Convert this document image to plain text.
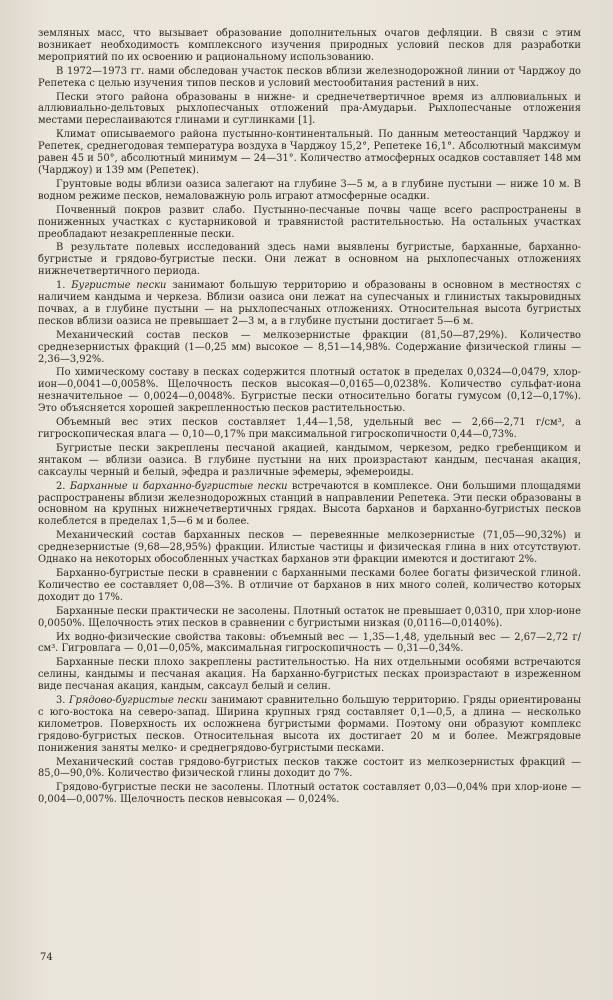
земляных масс, что вызывает образование дополнительных очагов дефляции. В связи с этим возникает необходимость комплексного изучения природных условий песков для разработки мероприятий по их освоению и рациональному использованию.

В 1972—1973 гг. нами обследован участок песков вблизи железнодорожной линии от Чарджоу до Репетека с целью изучения типов песков и условий местообитания растений в них.

Пески этого района образованы в нижне- и среднечетвертичное время из аллювиальных и аллювиально-дельтовых рыхлопесчаных отложений пра-Амударьи. Рыхлопесчаные отложения местами переслаиваются глинами и суглинками [1].

Климат описываемого района пустынно-континентальный. По данным метеостанций Чарджоу и Репетек, среднегодовая температура воздуха в Чарджоу 15,2°, Репетеке 16,1°. Абсолютный максимум равен 45 и 50°, абсолютный минимум — 24—31°. Количество атмосферных осадков составляет 148 мм (Чарджоу) и 139 мм (Репетек).

Грунтовые воды вблизи оазиса залегают на глубине 3—5 м, а в глубине пустыни — ниже 10 м. В водном режиме песков, немаловажную роль играют атмосферные осадки.

Почвенный покров развит слабо. Пустынно-песчаные почвы чаще всего распространены в пониженных участках с кустарниковой и травянистой растительностью. На остальных участках преобладают незакрепленные пески.

В результате полевых исследований здесь нами выявлены бугристые, барханные, барханно-бугристые и грядово-бугристые пески. Они лежат в основном на рыхлопесчаных отложениях нижнечетвертичного периода.

1. Бугристые пески занимают большую территорию и образованы в основном в местностях с наличием кандыма и черкеза. Вблизи оазиса они лежат на супесчаных и глинистых такыровидных почвах, а в глубине пустыни — на рыхлопесчаных отложениях. Относительная высота бугристых песков вблизи оазиса не превышает 2—3 м, а в глубине пустыни достигает 5—6 м.

Механический состав песков — мелкозернистые фракции (81,50—87,29%). Количество среднезернистых фракций (1—0,25 мм) высокое — 8,51—14,98%. Содержание физической глины — 2,36—3,92%.

По химическому составу в песках содержится плотный остаток в пределах 0,0324—0,0479, хлор-ион—0,0041—0,0058%. Щелочность песков высокая—0,0165—0,0238%. Количество сульфат-иона незначительное — 0,0024—0,0048%. Бугристые пески относительно богаты гумусом (0,12—0,17%). Это объясняется хорошей закрепленностью песков растительностью.

Объемный вес этих песков составляет 1,44—1,58, удельный вес — 2,66—2,71 г/см³, а гигроскопическая влага — 0,10—0,17% при максимальной гигроскопичности 0,44—0,73%.

Бугристые пески закреплены песчаной акацией, кандымом, черкезом, редко гребенщиком и янтаком — вблизи оазиса. В глубине пустыни на них произрастают кандым, песчаная акация, саксаулы черный и белый, эфедра и различные эфемеры, эфемероиды.

2. Барханные и барханно-бугристые пески встречаются в комплексе. Они большими площадями распространены вблизи железнодорожных станций в направлении Репетека. Эти пески образованы в основном на крупных нижнечетвертичных грядах. Высота барханов и барханно-бугристых песков колеблется в пределах 1,5—6 м и более.

Механический состав барханных песков — перевеянные мелкозернистые (71,05—90,32%) и среднезернистые (9,68—28,95%) фракции. Илистые частицы и физическая глина в них отсутствуют. Однако на некоторых обособленных участках барханов эти фракции имеются и достигают 2%.

Барханно-бугристые пески в сравнении с барханными песками более богаты физической глиной. Количество ее составляет 0,08—3%. В отличие от барханов в них много солей, количество которых доходит до 17%.

Барханные пески практически не засолены. Плотный остаток не превышает 0,0310, при хлор-ионе 0,0050%. Щелочность этих песков в сравнении с бугристыми низкая (0,0116—0,0140%).

Их водно-физические свойства таковы: объемный вес — 1,35—1,48, удельный вес — 2,67—2,72 г/см³. Гигровлага — 0,01—0,05%, максимальная гигроскопичность — 0,31—0,34%.

Барханные пески плохо закреплены растительностью. На них отдельными особями встречаются селины, кандымы и песчаная акация. На барханно-бугристых песках произрастают в изреженном виде песчаная акация, кандым, саксаул белый и селин.

3. Грядово-бугристые пески занимают сравнительно большую территорию. Гряды ориентированы с юго-востока на северо-запад. Ширина крупных гряд составляет 0,1—0,5, а длина — несколько километров. Поверхность их осложнена бугристыми формами. Поэтому они образуют комплекс грядово-бугристых песков. Относительная высота их достигает 20 м и более. Межгрядовые понижения заняты мелко- и среднегрядово-бугристыми песками.

Механический состав грядово-бугристых песков также состоит из мелкозернистых фракций — 85,0—90,0%. Количество физической глины доходит до 7%.

Грядово-бугристые пески не засолены. Плотный остаток составляет 0,03—0,04% при хлор-ионе — 0,004—0,007%. Щелочность песков невысокая — 0,024%.

74
